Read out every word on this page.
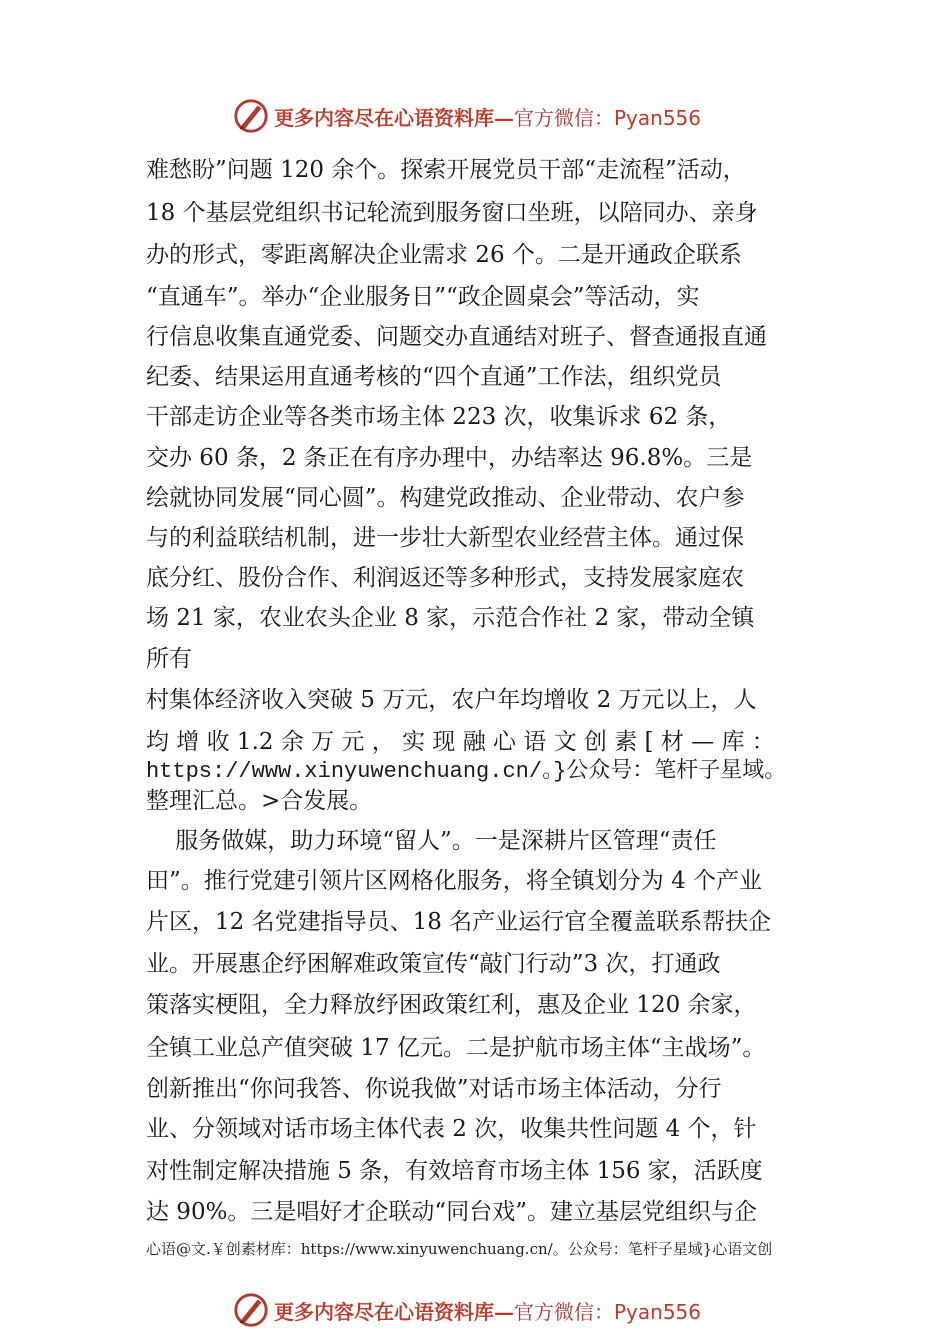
更多内容尽在心语资料库—官方微信：Pyan556
难愁盼”问题 120 余个。探索开展党员干部“走流程”活动，
18 个基层党组织书记轮流到服务窗口坐班，以陪同办、亲身
办的形式，零距离解决企业需求 26 个。二是开通政企联系
“直通车”。举办“企业服务日”“政企圆桌会”等活动，实
行信息收集直通党委、问题交办直通结对班子、督查通报直通
纪委、结果运用直通考核的“四个直通”工作法，组织党员
干部走访企业等各类市场主体 223 次，收集诉求 62 条，
交办 60 条，2 条正在有序办理中，办结率达 96.8%。三是
绘就协同发展“同心圆”。构建党政推动、企业带动、农户参
与的利益联结机制，进一步壮大新型农业经营主体。通过保
底分红、股份合作、利润返还等多种形式，支持发展家庭农
场 21 家，农业农头企业 8 家，示范合作社 2 家，带动全镇
所有
村集体经济收入突破 5 万元，农户年均增收 2 万元以上，人
均 增 收 1.2 余 万 元 ， 实 现 融 心 语 文 创 素 [ 材 — 库 ：
https://www.xinyuwenchuang.cn/。}公众号：笔杆子星域。
整理汇总。>合发展。
服务做媒，助力环境“留人”。一是深耕片区管理“责任
田”。推行党建引领片区网格化服务，将全镇划分为 4 个产业
片区，12 名党建指导员、18 名产业运行官全覆盖联系帮扶企
业。开展惠企纾困解难政策宣传“敲门行动”3 次，打通政
策落实梗阻，全力释放纾困政策红利，惠及企业 120 余家，
全镇工业总产值突破 17 亿元。二是护航市场主体“主战场”。
创新推出“你问我答、你说我做”对话市场主体活动，分行
业、分领域对话市场主体代表 2 次，收集共性问题 4 个，针
对性制定解决措施 5 条，有效培育市场主体 156 家，活跃度
达 90%。三是唱好才企联动“同台戏”。建立基层党组织与企
心语@文.￥创素材库：https://www.xinyuwenchuang.cn/。公众号：笔杆子星域}心语文创
更多内容尽在心语资料库—官方微信：Pyan556
